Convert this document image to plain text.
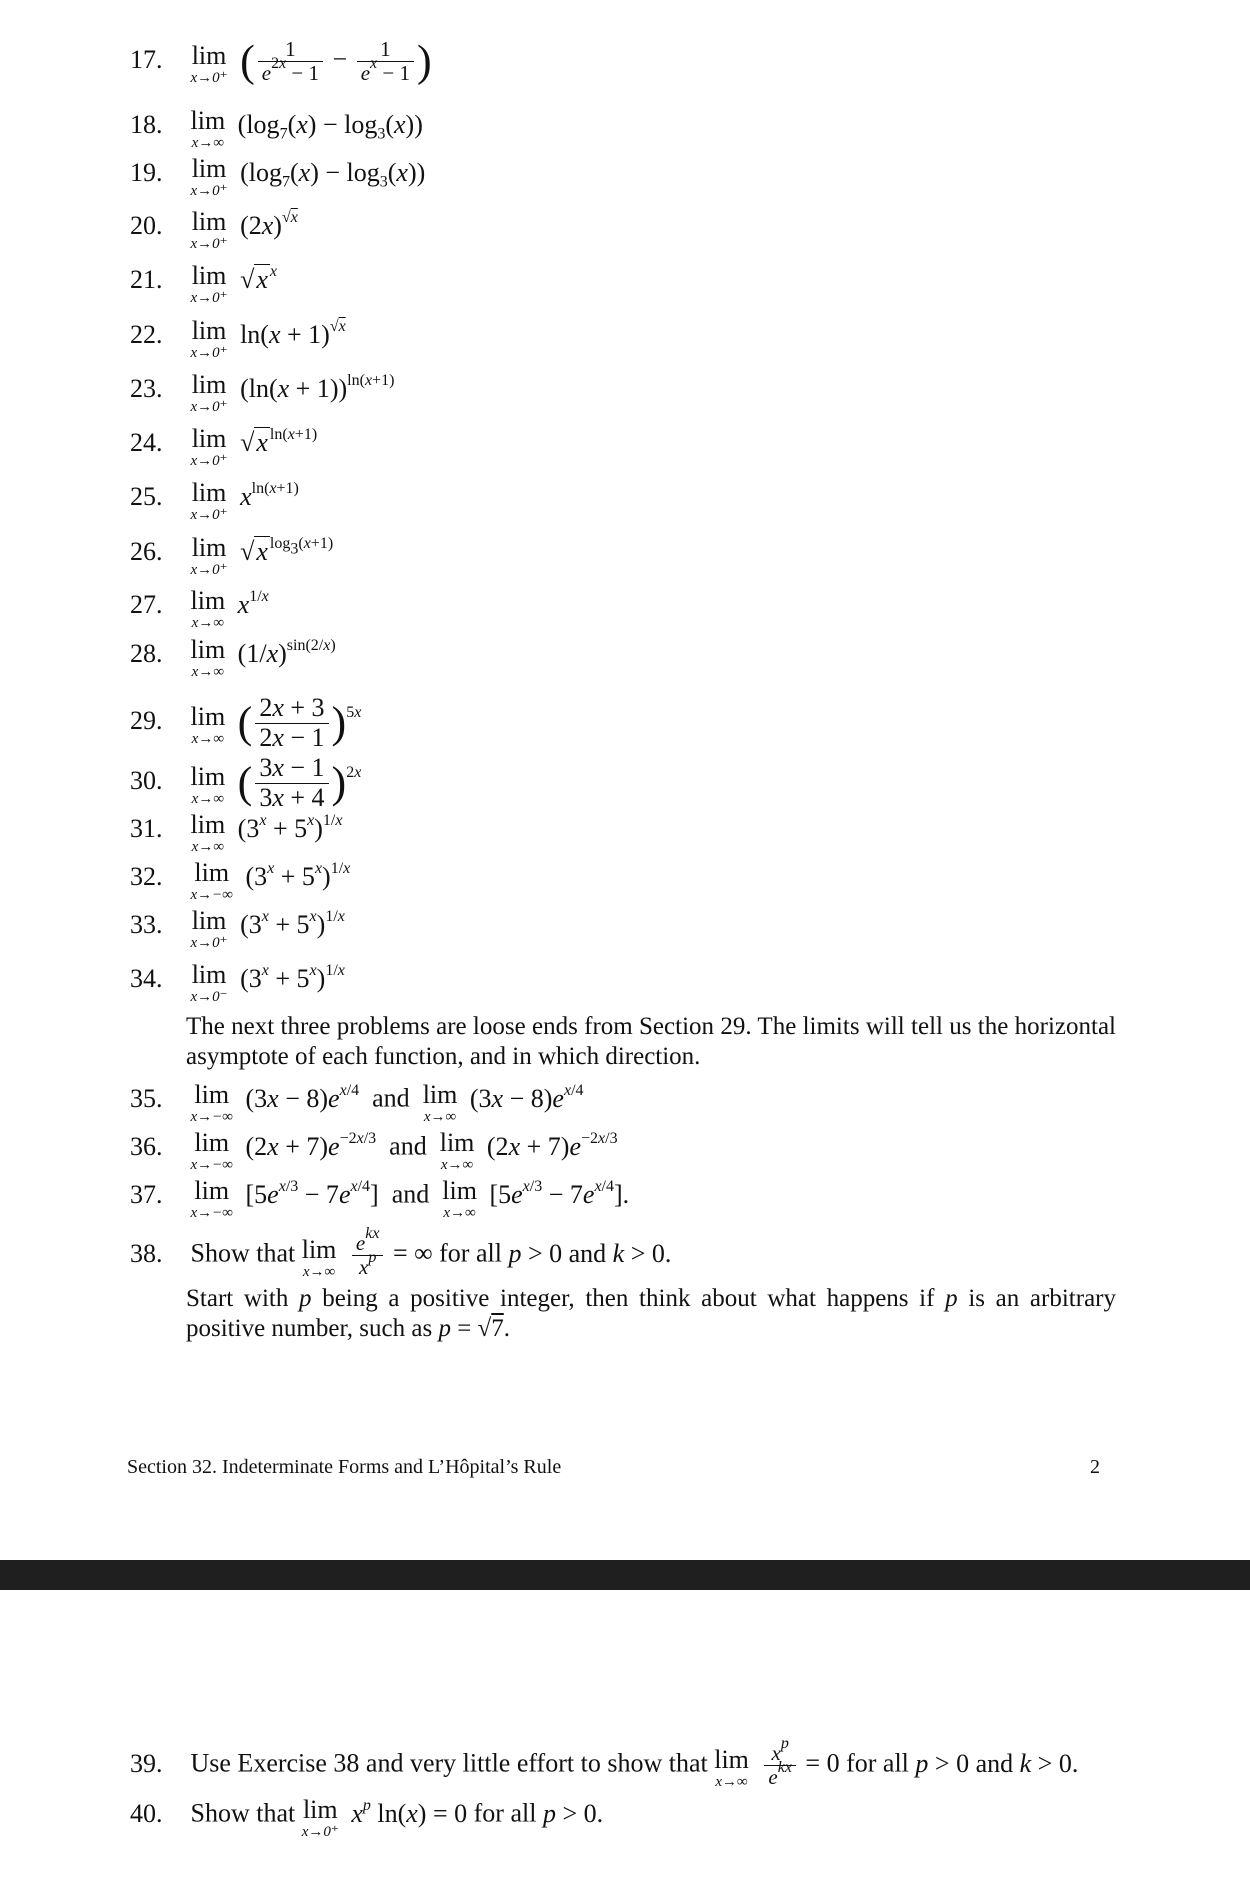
17. lim
x→0⁺ ( $\frac{1}{e^{2x} - 1} - \frac{1}{e^x - 1}$ )
18. lim
x→∞
$(\log_7(x) - \log_3(x))$
19. lim
x→0⁺
$(\log_7(x) - \log_3(x))$
20. lim
x→0⁺
$(2x)^{√x}$
21. lim
x→0⁺
√x $^x$
22. lim
x→0⁺
$\ln(x + 1)^{√x}$
23. lim
x→0⁺
$(\ln(x + 1))^{ln(x+1)}$
24. lim
x→0⁺
√x $^{ln(x+1)}$
25. lim
x→0⁺
$x^{ln(x+1)}$
26. lim
x→0⁺
√x $^{log_3(x+1)}$
27. lim
x→∞
$x^{1/x}$
28. lim
x→∞
$(1/x)^{sin(2/x)}$
29. lim
x→∞ ( $\frac{2x + 3}{2x - 1} )^{5x}$
30. lim
x→∞ ( $\frac{3x - 1}{3x + 4} )^{2x}$
31. lim
x→∞
$(3^x + 5^x)^{1/x}$
32. lim
x→−∞
$(3^x + 5^x)^{1/x}$
33. lim
x→0⁺
$(3^x + 5^x)^{1/x}$
34. lim
x→0⁻
$(3^x + 5^x)^{1/x}$
The next three problems are loose ends from Section 29. The limits will tell us the horizontal asymptote of each function, and in which direction.
35. lim
x→−∞
$(3x - 8)e^{x/4}$ and lim
x→∞
$(3x - 8)e^{x/4}$
36. lim
x→−∞
$(2x + 7)e^{-2x/3}$ and lim
x→∞
$(2x + 7)e^{-2x/3}$
37. lim
x→−∞
$[5e^{x/3} - 7e^{x/4}]$ and lim
x→∞
$[5e^{x/3} - 7e^{x/4}]$.
38. Show that lim
x→∞
$\frac{e^{kx}}{x^p}$ = ∞ for all p > 0 and k > 0.
Start with p being a positive integer, then think about what happens if p is an arbitrary positive number, such as p = √7.
Section 32. Indeterminate Forms and L’Hôpital’s Rule	2
39. Use Exercise 38 and very little effort to show that lim
x→∞
$\frac{x^p}{e^{kx}} = 0$ for all p > 0 and k > 0.
40. Show that lim
x→0⁺
$x^p$ ln(x) = 0 for all p > 0.
